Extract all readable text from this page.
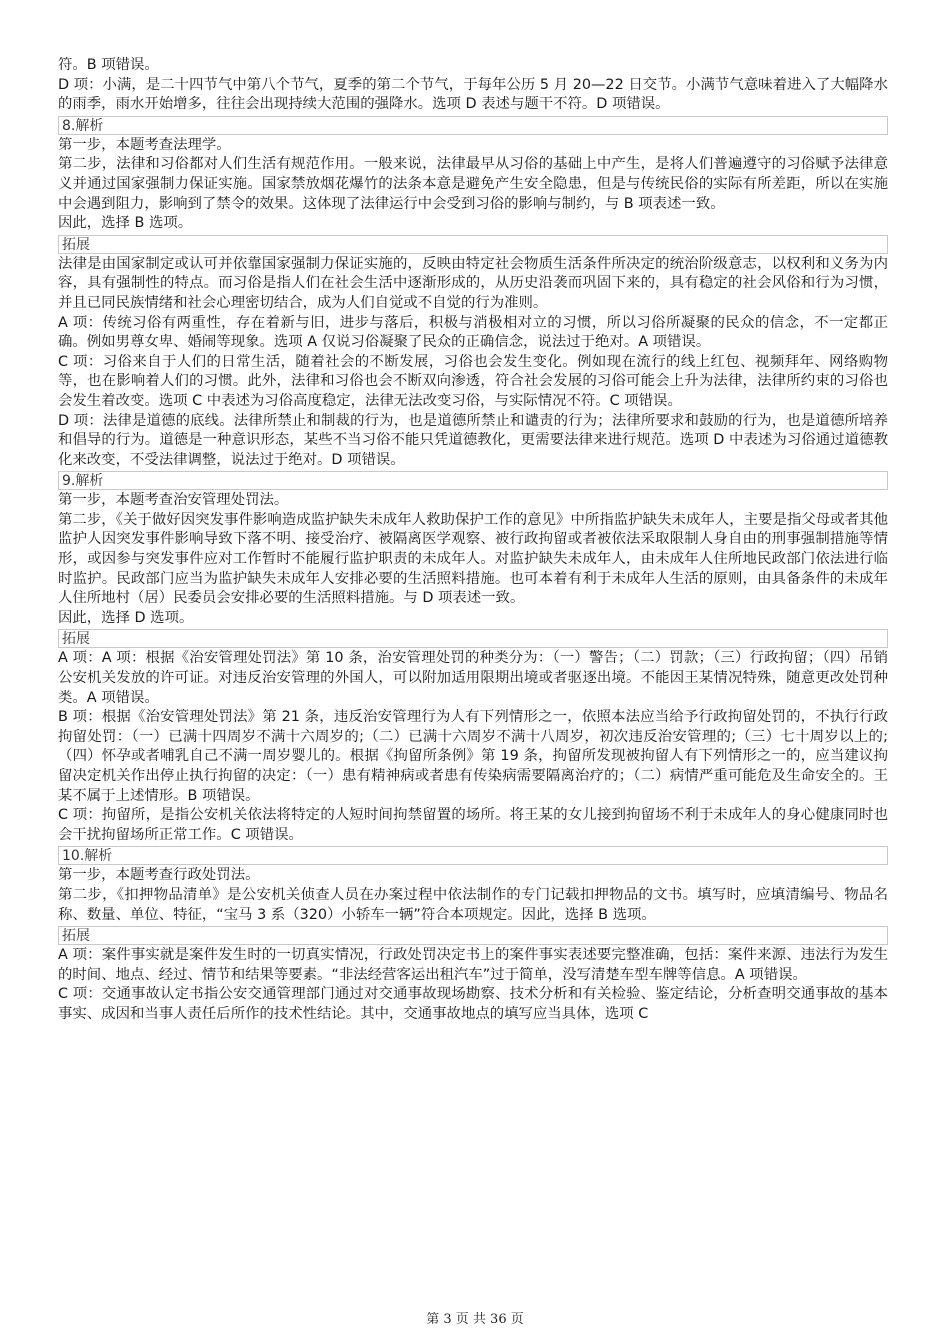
符。B 项错误。
D 项：小满，是二十四节气中第八个节气，夏季的第二个节气，于每年公历 5 月 20—22 日交节。小满节气意味着进入了大幅降水的雨季，雨水开始增多，往往会出现持续大范围的强降水。选项 D 表述与题干不符。D 项错误。
8.解析
第一步，本题考查法理学。
第二步，法律和习俗都对人们生活有规范作用。一般来说，法律最早从习俗的基础上中产生，是将人们普遍遵守的习俗赋予法律意义并通过国家强制力保证实施。国家禁放烟花爆竹的法条本意是避免产生安全隐患，但是与传统民俗的实际有所差距，所以在实施中会遇到阻力，影响到了禁令的效果。这体现了法律运行中会受到习俗的影响与制约，与 B 项表述一致。
因此，选择 B 选项。
拓展
法律是由国家制定或认可并依靠国家强制力保证实施的，反映由特定社会物质生活条件所决定的统治阶级意志，以权利和义务为内容，具有强制性的特点。而习俗是指人们在社会生活中逐渐形成的，从历史沿袭而巩固下来的，具有稳定的社会风俗和行为习惯，并且已同民族情绪和社会心理密切结合，成为人们自觉或不自觉的行为准则。
A 项：传统习俗有两重性，存在着新与旧，进步与落后，积极与消极相对立的习惯，所以习俗所凝聚的民众的信念，不一定都正确。例如男尊女卑、婚闹等现象。选项 A 仅说习俗凝聚了民众的正确信念，说法过于绝对。A 项错误。
C 项：习俗来自于人们的日常生活，随着社会的不断发展，习俗也会发生变化。例如现在流行的线上红包、视频拜年、网络购物等，也在影响着人们的习惯。此外，法律和习俗也会不断双向渗透，符合社会发展的习俗可能会上升为法律，法律所约束的习俗也会发生着改变。选项 C 中表述为习俗高度稳定，法律无法改变习俗，与实际情况不符。C 项错误。
D 项：法律是道德的底线。法律所禁止和制裁的行为，也是道德所禁止和谴责的行为；法律所要求和鼓励的行为，也是道德所培养和倡导的行为。道德是一种意识形态，某些不当习俗不能只凭道德教化，更需要法律来进行规范。选项 D 中表述为习俗通过道德教化来改变，不受法律调整，说法过于绝对。D 项错误。
9.解析
第一步，本题考查治安管理处罚法。
第二步，《关于做好因突发事件影响造成监护缺失未成年人救助保护工作的意见》中所指监护缺失未成年人，主要是指父母或者其他监护人因突发事件影响导致下落不明、接受治疗、被隔离医学观察、被行政拘留或者被依法采取限制人身自由的刑事强制措施等情形，或因参与突发事件应对工作暂时不能履行监护职责的未成年人。对监护缺失未成年人，由未成年人住所地民政部门依法进行临时监护。民政部门应当为监护缺失未成年人安排必要的生活照料措施。也可本着有利于未成年人生活的原则，由具备条件的未成年人住所地村（居）民委员会安排必要的生活照料措施。与 D 项表述一致。
因此，选择 D 选项。
拓展
A 项：A 项：根据《治安管理处罚法》第 10 条，治安管理处罚的种类分为：（一）警告；（二）罚款；（三）行政拘留；（四）吊销公安机关发放的许可证。对违反治安管理的外国人，可以附加适用限期出境或者驱逐出境。不能因王某情况特殊，随意更改处罚种类。A 项错误。
B 项：根据《治安管理处罚法》第 21 条，违反治安管理行为人有下列情形之一，依照本法应当给予行政拘留处罚的，不执行行政拘留处罚：（一）已满十四周岁不满十六周岁的;（二）已满十六周岁不满十八周岁，初次违反治安管理的;（三）七十周岁以上的;（四）怀孕或者哺乳自己不满一周岁婴儿的。根据《拘留所条例》第 19 条，拘留所发现被拘留人有下列情形之一的，应当建议拘留决定机关作出停止执行拘留的决定：（一）患有精神病或者患有传染病需要隔离治疗的；（二）病情严重可能危及生命安全的。王某不属于上述情形。B 项错误。
C 项：拘留所，是指公安机关依法将特定的人短时间拘禁留置的场所。将王某的女儿接到拘留场不利于未成年人的身心健康同时也会干扰拘留场所正常工作。C 项错误。
10.解析
第一步，本题考查行政处罚法。
第二步，《扣押物品清单》是公安机关侦查人员在办案过程中依法制作的专门记载扣押物品的文书。填写时，应填清编号、物品名称、数量、单位、特征，“宝马 3 系（320）小轿车一辆”符合本项规定。因此，选择 B 选项。
拓展
A 项：案件事实就是案件发生时的一切真实情况，行政处罚决定书上的案件事实表述要完整准确，包括：案件来源、违法行为发生的时间、地点、经过、情节和结果等要素。“非法经营客运出租汽车”过于简单，没写清楚车型车牌等信息。A 项错误。
C 项：交通事故认定书指公安交通管理部门通过对交通事故现场勘察、技术分析和有关检验、鉴定结论，分析查明交通事故的基本事实、成因和当事人责任后所作的技术性结论。其中，交通事故地点的填写应当具体，选项 C
第 3 页 共 36 页
